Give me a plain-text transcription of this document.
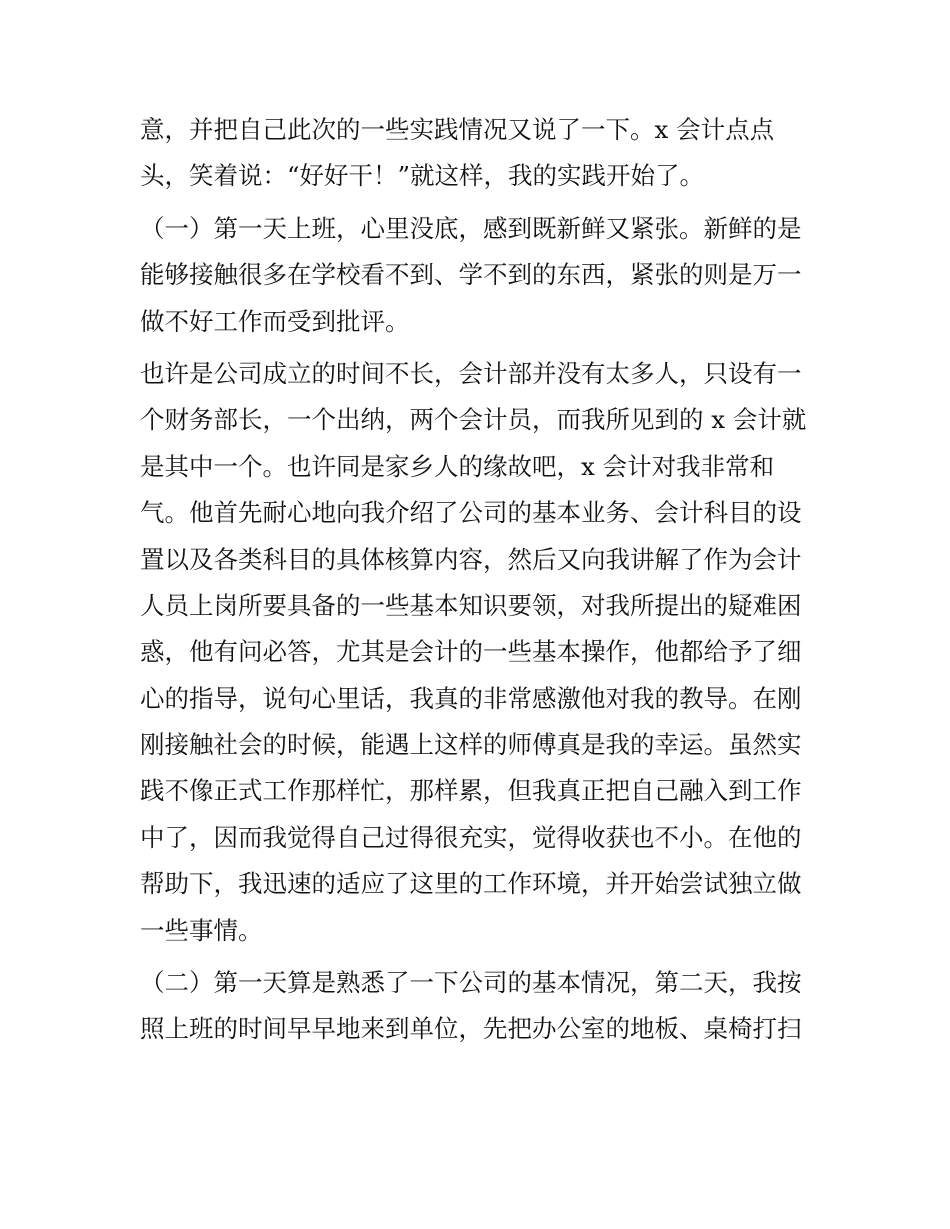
意，并把自己此次的一些实践情况又说了一下。x 会计点点
头，笑着说：“好好干！”就这样，我的实践开始了。
（一）第一天上班，心里没底，感到既新鲜又紧张。新鲜的是
能够接触很多在学校看不到、学不到的东西，紧张的则是万一
做不好工作而受到批评。
也许是公司成立的时间不长，会计部并没有太多人，只设有一
个财务部长，一个出纳，两个会计员，而我所见到的 x 会计就
是其中一个。也许同是家乡人的缘故吧，x 会计对我非常和
气。他首先耐心地向我介绍了公司的基本业务、会计科目的设
置以及各类科目的具体核算内容，然后又向我讲解了作为会计
人员上岗所要具备的一些基本知识要领，对我所提出的疑难困
惑，他有问必答，尤其是会计的一些基本操作，他都给予了细
心的指导，说句心里话，我真的非常感激他对我的教导。在刚
刚接触社会的时候，能遇上这样的师傅真是我的幸运。虽然实
践不像正式工作那样忙，那样累，但我真正把自己融入到工作
中了，因而我觉得自己过得很充实，觉得收获也不小。在他的
帮助下，我迅速的适应了这里的工作环境，并开始尝试独立做
一些事情。
（二）第一天算是熟悉了一下公司的基本情况，第二天，我按
照上班的时间早早地来到单位，先把办公室的地板、桌椅打扫
